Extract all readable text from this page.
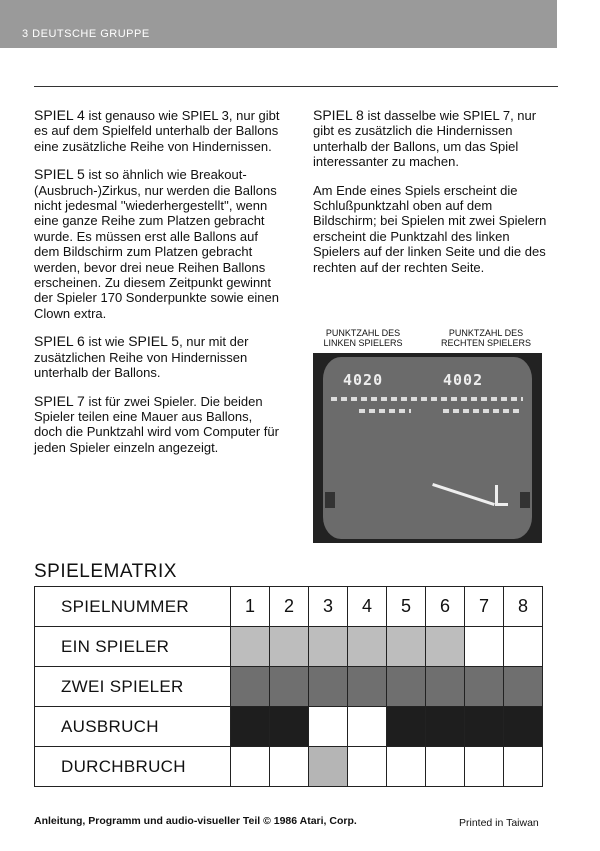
3 DEUTSCHE GRUPPE

SPIEL 4 ist genauso wie SPIEL 3, nur gibt es auf dem Spielfeld unterhalb der Ballons eine zusätzliche Reihe von Hindernissen.

SPIEL 5 ist so ähnlich wie Breakout-(Ausbruch-)Zirkus, nur werden die Ballons nicht jedesmal ''wiederhergestellt'', wenn eine ganze Reihe zum Platzen gebracht wurde. Es müssen erst alle Ballons auf dem Bildschirm zum Platzen gebracht werden, bevor drei neue Reihen Ballons erscheinen. Zu diesem Zeitpunkt gewinnt der Spieler 170 Sonderpunkte sowie einen Clown extra.

SPIEL 6 ist wie SPIEL 5, nur mit der zusätzlichen Reihe von Hindernissen unterhalb der Ballons.

SPIEL 7 ist für zwei Spieler. Die beiden Spieler teilen eine Mauer aus Ballons, doch die Punktzahl wird vom Computer für jeden Spieler einzeln angezeigt.

SPIEL 8 ist dasselbe wie SPIEL 7, nur gibt es zusätzlich die Hindernissen unterhalb der Ballons, um das Spiel interessanter zu machen.

Am Ende eines Spiels erscheint die Schlußpunktzahl oben auf dem Bildschirm; bei Spielen mit zwei Spielern erscheint die Punktzahl des linken Spielers auf der linken Seite und die des rechten auf der rechten Seite.

PUNKTZAHL DES LINKEN SPIELERS
PUNKTZAHL DES RECHTEN SPIELERS
4020	4002
SPIELEMATRIX
SPIELNUMMER	1	2	3	4	5	6	7	8
EIN SPIELER								
ZWEI SPIELER								
AUSBRUCH								
DURCHBRUCH								
Anleitung, Programm und audio-visueller Teil © 1986 Atari, Corp.	Printed in Taiwan
